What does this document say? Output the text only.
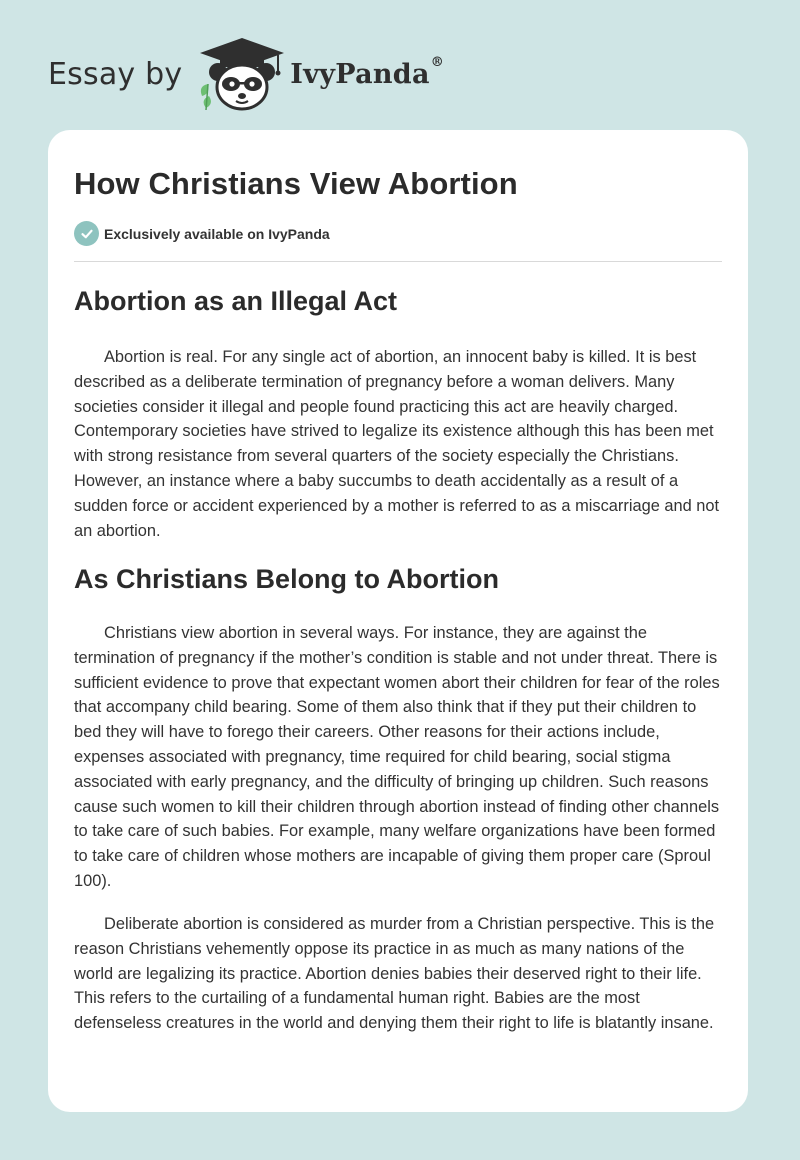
Essay by	IvyPanda®
How Christians View Abortion
Exclusively available on IvyPanda
Abortion as an Illegal Act

Abortion is real. For any single act of abortion, an innocent baby is killed. It is best described as a deliberate termination of pregnancy before a woman delivers. Many societies consider it illegal and people found practicing this act are heavily charged. Contemporary societies have strived to legalize its existence although this has been met with strong resistance from several quarters of the society especially the Christians. However, an instance where a baby succumbs to death accidentally as a result of a sudden force or accident experienced by a mother is referred to as a miscarriage and not an abortion.

As Christians Belong to Abortion

Christians view abortion in several ways. For instance, they are against the termination of pregnancy if the mother’s condition is stable and not under threat. There is sufficient evidence to prove that expectant women abort their children for fear of the roles that accompany child bearing. Some of them also think that if they put their children to bed they will have to forego their careers. Other reasons for their actions include, expenses associated with pregnancy, time required for child bearing, social stigma associated with early pregnancy, and the difficulty of bringing up children. Such reasons cause such women to kill their children through abortion instead of finding other channels to take care of such babies. For example, many welfare organizations have been formed to take care of children whose mothers are incapable of giving them proper care (Sproul 100).

Deliberate abortion is considered as murder from a Christian perspective. This is the reason Christians vehemently oppose its practice in as much as many nations of the world are legalizing its practice. Abortion denies babies their deserved right to their life. This refers to the curtailing of a fundamental human right. Babies are the most defenseless creatures in the world and denying them their right to life is blatantly insane.
